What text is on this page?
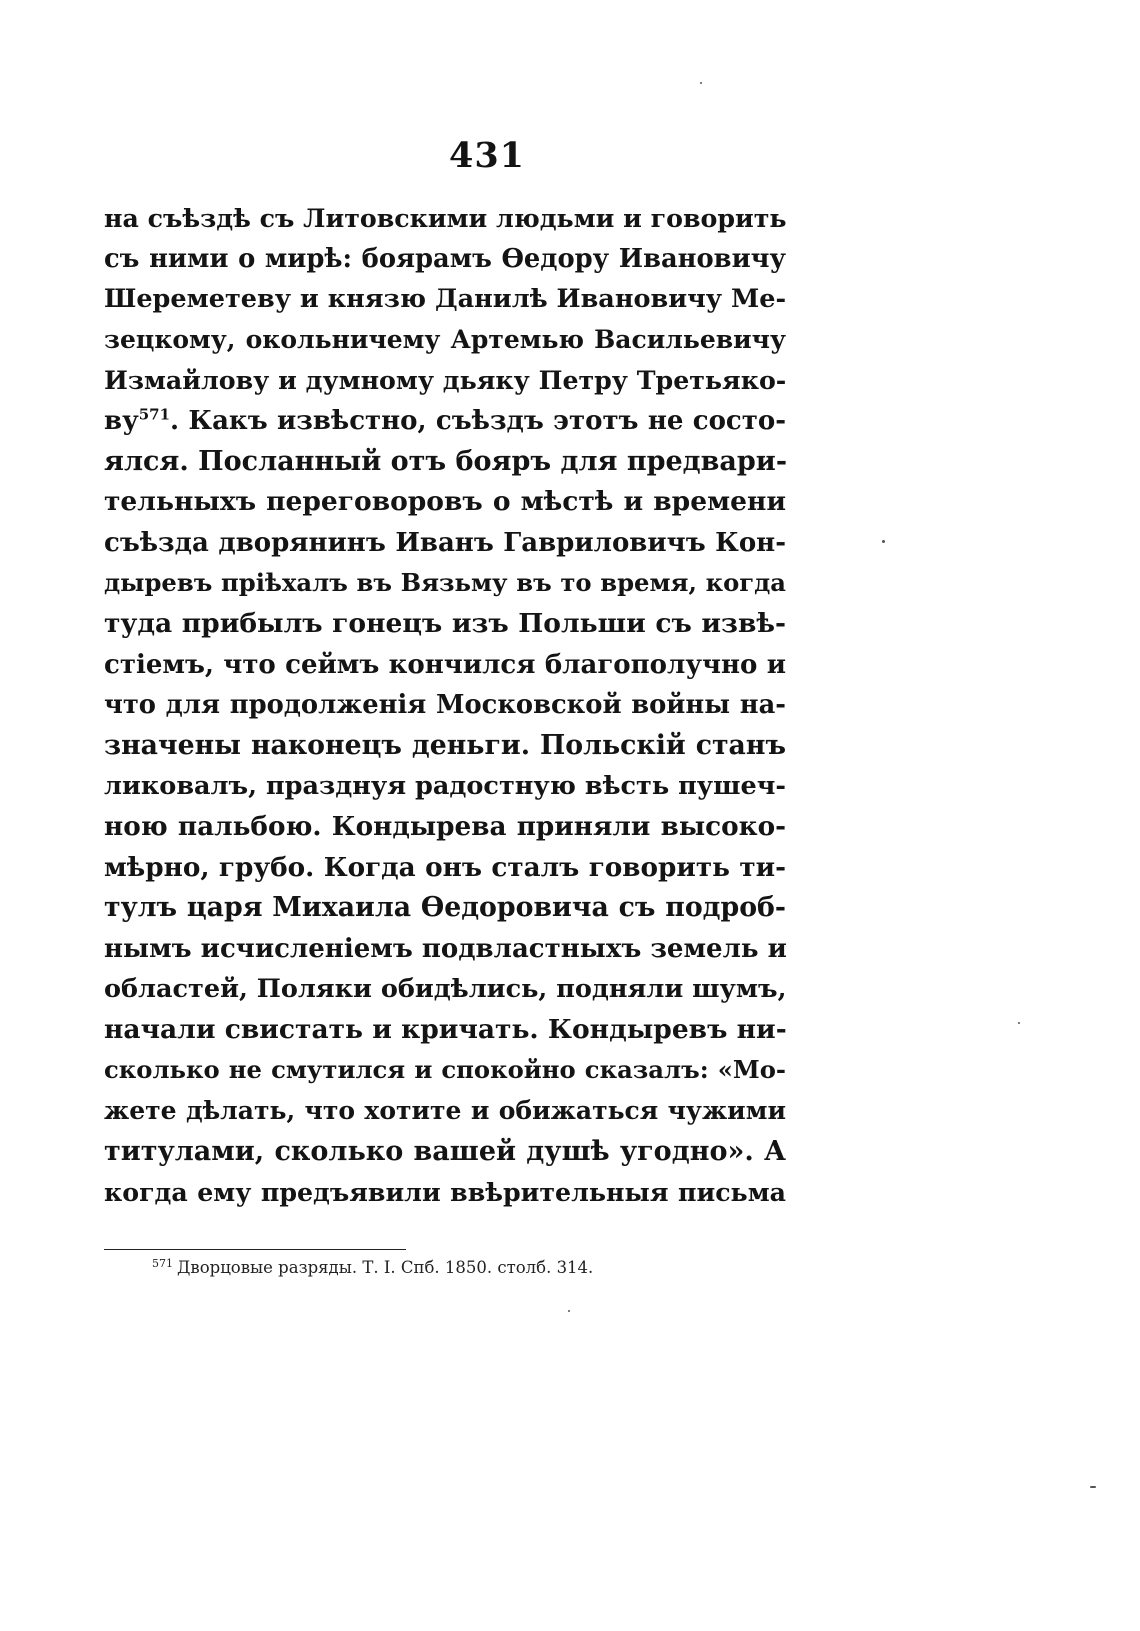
431
на съѣздѣ съ Литовскими людьми и говорить
съ ними о мирѣ: боярамъ Ѳедору Ивановичу
Шереметеву и князю Данилѣ Ивановичу Ме-
зецкому, окольничему Артемью Васильевичу
Измайлову и думному дьяку Петру Третьяко-
$ву^{571}$. Какъ извѣстно, съѣздъ этотъ не состо-
ялся. Посланный отъ бояръ для предвари-
тельныхъ переговоровъ о мѣстѣ и времени
съѣзда дворянинъ Иванъ Гавриловичъ Кон-
дыревъ пріѣхалъ въ Вязьму въ то время, когда
туда прибылъ гонецъ изъ Польши съ извѣ-
стіемъ, что сеймъ кончился благополучно и
что для продолженія Московской войны на-
значены наконецъ деньги. Польскій станъ
ликовалъ, празднуя радостную вѣсть пушеч-
ною пальбою. Кондырева приняли высоко-
мѣрно, грубо. Когда онъ сталъ говорить ти-
тулъ царя Михаила Ѳедоровича съ подроб-
нымъ исчисленіемъ подвластныхъ земель и
областей, Поляки обидѣлись, подняли шумъ,
начали свистать и кричать. Кондыревъ ни-
сколько не смутился и спокойно сказалъ: «Мо-
жете дѣлать, что хотите и обижаться чужими
титулами, сколько вашей душѣ угодно». А
когда ему предъявили ввѣрительныя письма
$^{571}$ Дворцовые разряды. Т. I. Спб. 1850. столб. 314.
